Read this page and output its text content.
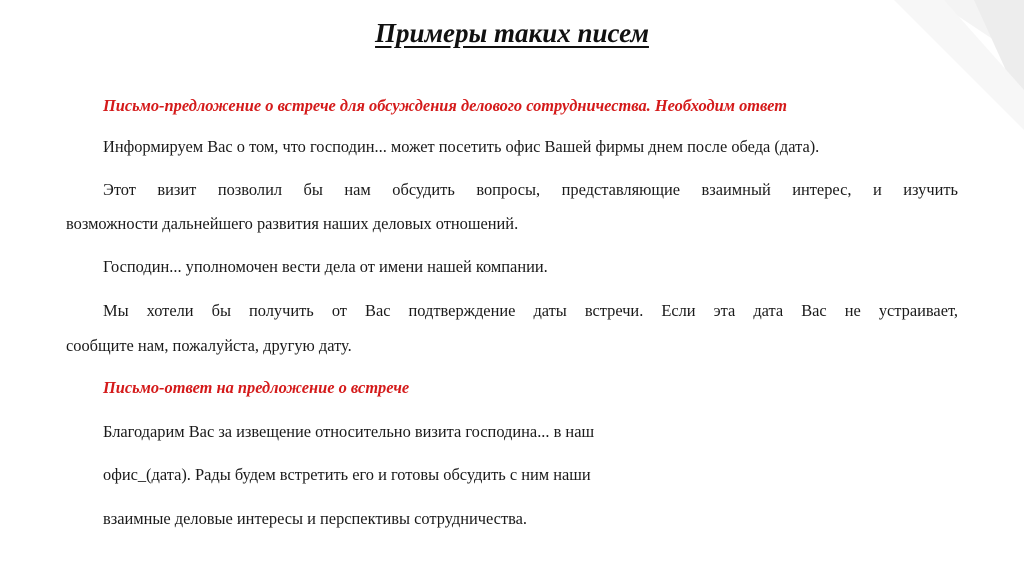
Примеры таких писем
Письмо-предложение о встрече для обсуждения делового сотрудничества. Необходим ответ
Информируем Вас о том, что господин... может посетить офис Вашей фирмы днем после обеда (дата).
Этот визит позволил бы нам обсудить вопросы, представляющие взаимный интерес, и изучить
возможности дальнейшего развития наших деловых отношений.
Господин... уполномочен вести дела от имени нашей компании.
Мы хотели бы получить от Вас подтверждение даты встречи. Если эта дата Вас не устраивает,
сообщите нам, пожалуйста, другую дату.
Письмо-ответ на предложение о встрече
Благодарим Вас за извещение относительно визита господина... в наш
офис_(дата). Рады будем встретить его и готовы обсудить с ним наши
взаимные деловые интересы и перспективы сотрудничества.
